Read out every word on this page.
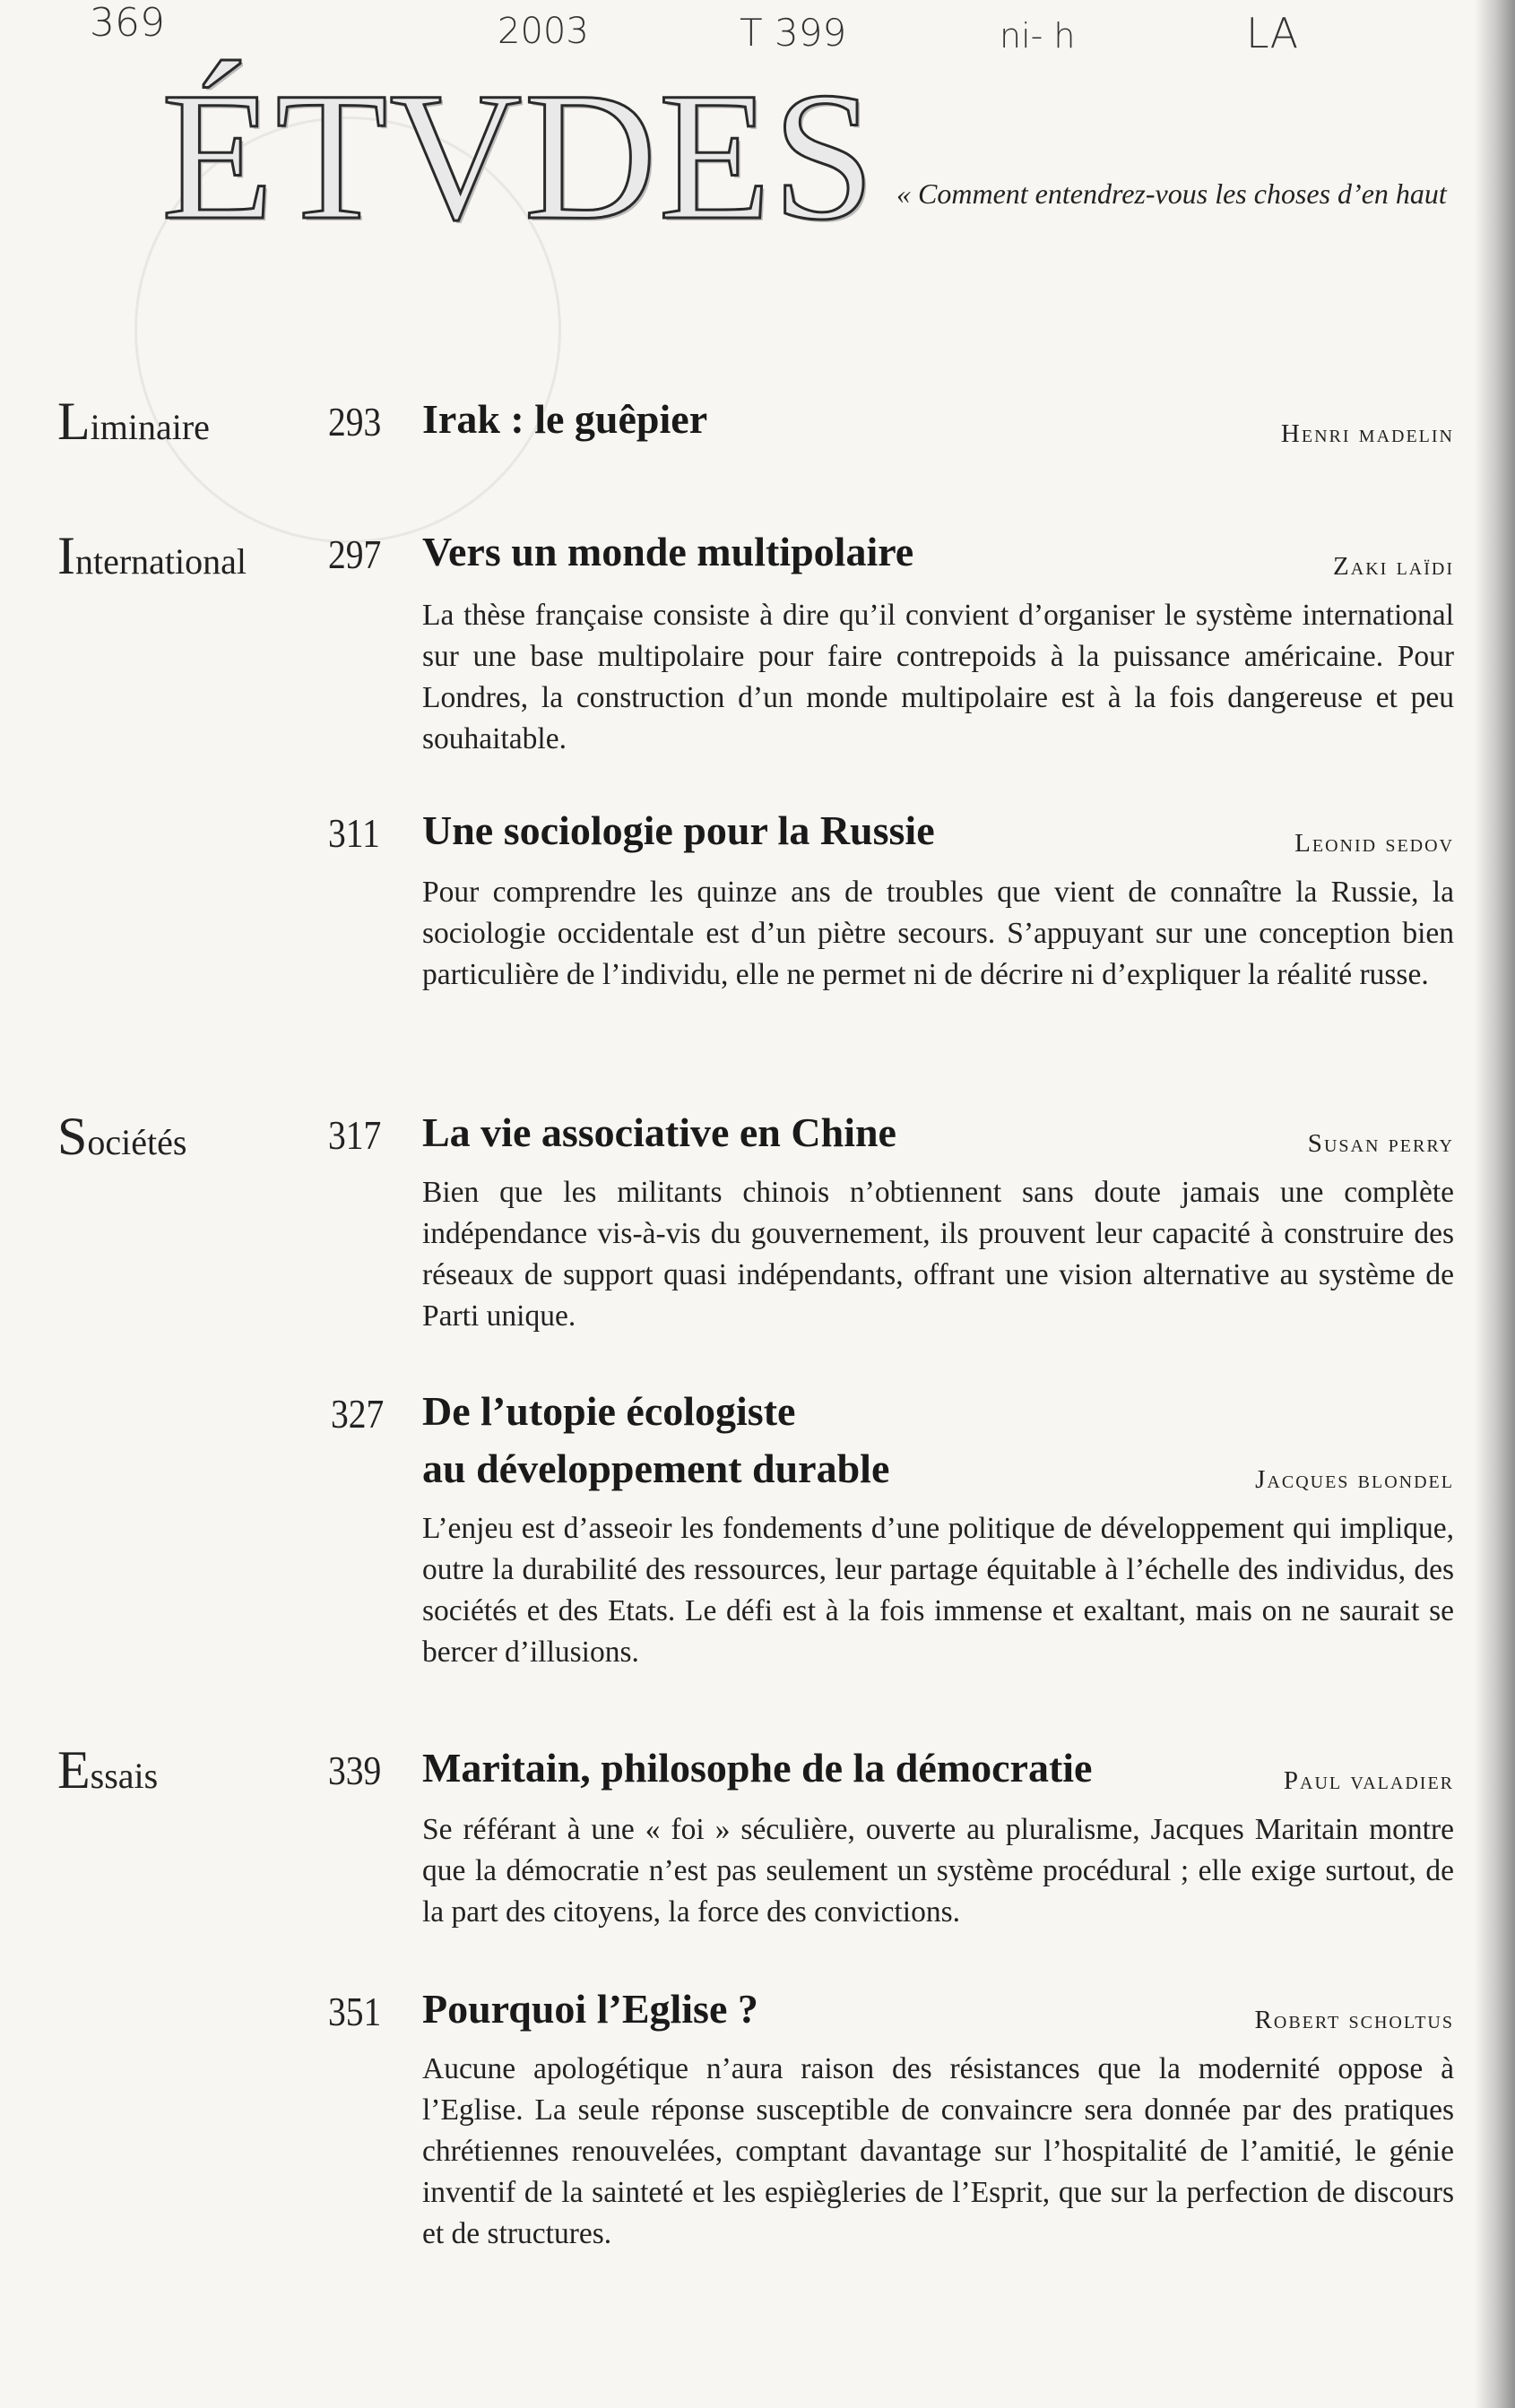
369	2003	T 399	ni- h	LA
ÉTVDES « Comment entendrez-vous les choses d’en haut
Liminaire	293 Irak : le guêpier	henri madelin
International 297 Vers un monde multipolaire	zaki laïdi
La thèse française consiste à dire qu’il convient d’organiser le système international sur une base multipolaire pour faire contrepoids à la puissance américaine. Pour Londres, la construction d’un monde multipolaire est à la fois dangereuse et peu souhaitable.
311 Une sociologie pour la Russie	leonid sedov
Pour comprendre les quinze ans de troubles que vient de connaître la Russie, la sociologie occidentale est d’un piètre secours. S’appuyant sur une conception bien particulière de l’individu, elle ne permet ni de décrire ni d’expliquer la réalité russe.
Sociétés	317 La vie associative en Chine	susan perry
Bien que les militants chinois n’obtiennent sans doute jamais une complète indépendance vis-à-vis du gouvernement, ils prouvent leur capacité à construire des réseaux de support quasi indépendants, offrant une vision alternative au système de Parti unique.
327 De l’utopie écologiste
au développement durable	jacques blondel
L’enjeu est d’asseoir les fondements d’une politique de développement qui implique, outre la durabilité des ressources, leur partage équitable à l’échelle des individus, des sociétés et des Etats. Le défi est à la fois immense et exaltant, mais on ne saurait se bercer d’illusions.
Essais	339 Maritain, philosophe de la démocratie	paul valadier
Se référant à une « foi » séculière, ouverte au pluralisme, Jacques Maritain montre que la démocratie n’est pas seulement un système procédural ; elle exige surtout, de la part des citoyens, la force des convictions.
351 Pourquoi l’Eglise ?	robert scholtus
Aucune apologétique n’aura raison des résistances que la modernité oppose à l’Eglise. La seule réponse susceptible de convaincre sera donnée par des pratiques chrétiennes renouvelées, comptant davantage sur l’hospitalité de l’amitié, le génie inventif de la sainteté et les espiègleries de l’Esprit, que sur la perfection de discours et de structures.
